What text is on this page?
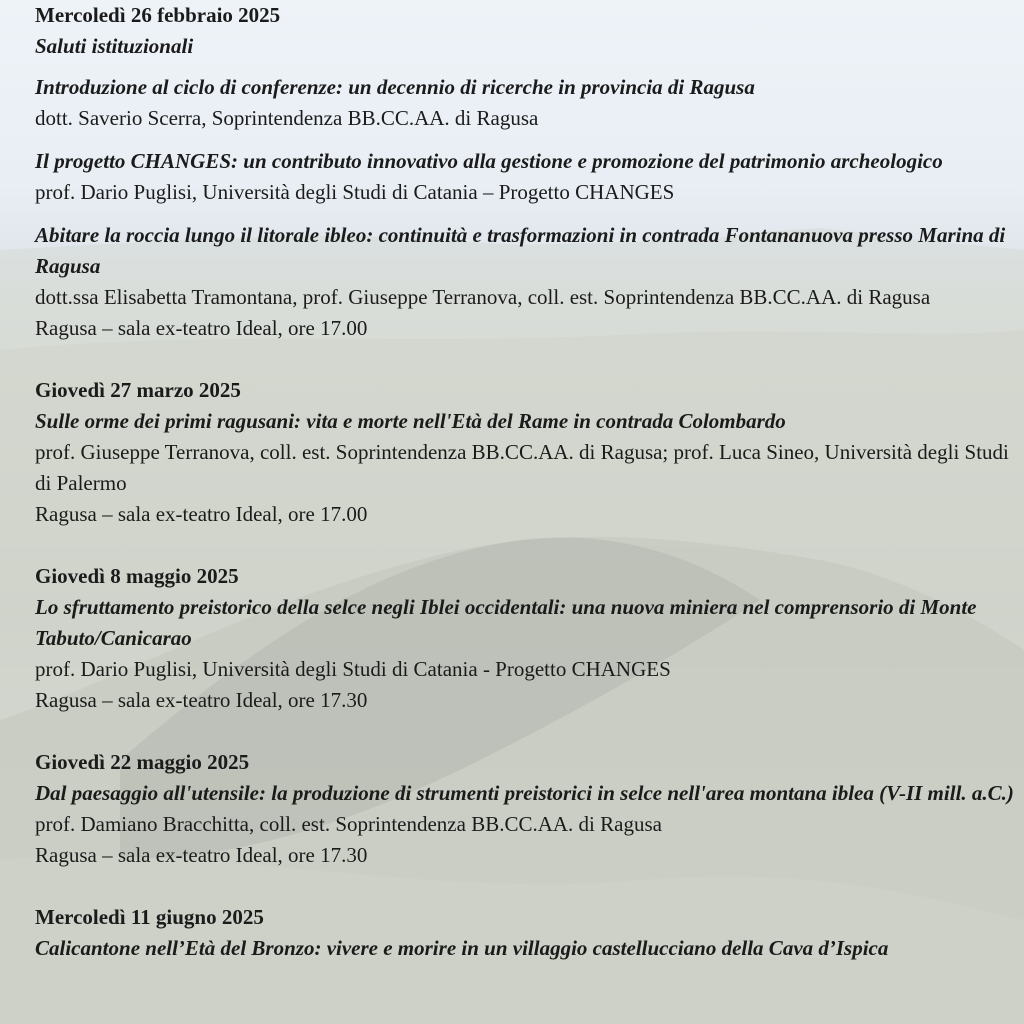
Mercoledì 26 febbraio 2025
Saluti istituzionali
Introduzione al ciclo di conferenze: un decennio di ricerche in provincia di Ragusa
dott. Saverio Scerra, Soprintendenza BB.CC.AA. di Ragusa
Il progetto CHANGES: un contributo innovativo alla gestione e promozione del patrimonio archeologico
prof. Dario Puglisi, Università degli Studi di Catania – Progetto CHANGES
Abitare la roccia lungo il litorale ibleo: continuità e trasformazioni in contrada Fontananuova presso Marina di Ragusa
dott.ssa Elisabetta Tramontana, prof. Giuseppe Terranova, coll. est. Soprintendenza BB.CC.AA. di Ragusa
Ragusa – sala ex-teatro Ideal, ore 17.00
Giovedì 27 marzo 2025
Sulle orme dei primi ragusani: vita e morte nell'Età del Rame in contrada Colombardo
prof. Giuseppe Terranova, coll. est. Soprintendenza BB.CC.AA. di Ragusa; prof. Luca Sineo, Università degli Studi di Palermo
Ragusa – sala ex-teatro Ideal, ore 17.00
Giovedì 8 maggio 2025
Lo sfruttamento preistorico della selce negli Iblei occidentali: una nuova miniera nel comprensorio di Monte Tabuto/Canicarao
prof. Dario Puglisi, Università degli Studi di Catania - Progetto CHANGES
Ragusa – sala ex-teatro Ideal, ore 17.30
Giovedì 22 maggio 2025
Dal paesaggio all'utensile: la produzione di strumenti preistorici in selce nell'area montana iblea (V-II mill. a.C.)
prof. Damiano Bracchitta, coll. est. Soprintendenza BB.CC.AA. di Ragusa
Ragusa – sala ex-teatro Ideal, ore 17.30
Mercoledì 11 giugno 2025
Calicantone nell’Età del Bronzo: vivere e morire in un villaggio castellucciano della Cava d’Ispica
